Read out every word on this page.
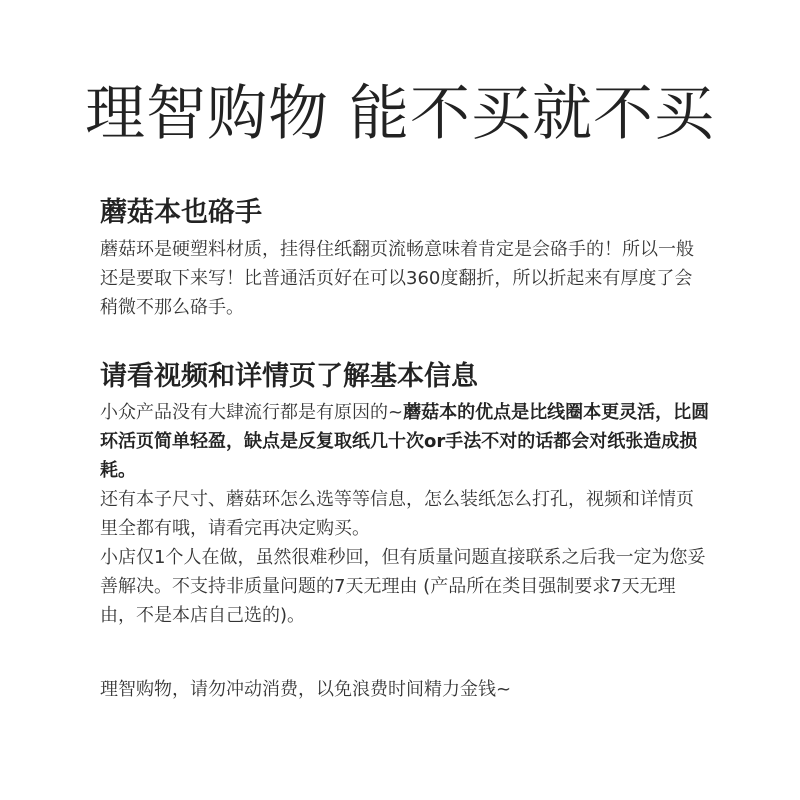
理智购物 能不买就不买
蘑菇本也硌手

蘑菇环是硬塑料材质，挂得住纸翻页流畅意味着肯定是会硌手的！所以一般还是要取下来写！比普通活页好在可以360度翻折，所以折起来有厚度了会稍微不那么硌手。

请看视频和详情页了解基本信息

小众产品没有大肆流行都是有原因的~蘑菇本的优点是比线圈本更灵活，比圆环活页简单轻盈，缺点是反复取纸几十次or手法不对的话都会对纸张造成损耗。

还有本子尺寸、蘑菇环怎么选等等信息，怎么装纸怎么打孔，视频和详情页里全都有哦，请看完再决定购买。

小店仅1个人在做，虽然很难秒回，但有质量问题直接联系之后我一定为您妥善解决。不支持非质量问题的7天无理由 (产品所在类目强制要求7天无理由，不是本店自己选的)。

理智购物，请勿冲动消费，以免浪费时间精力金钱~
